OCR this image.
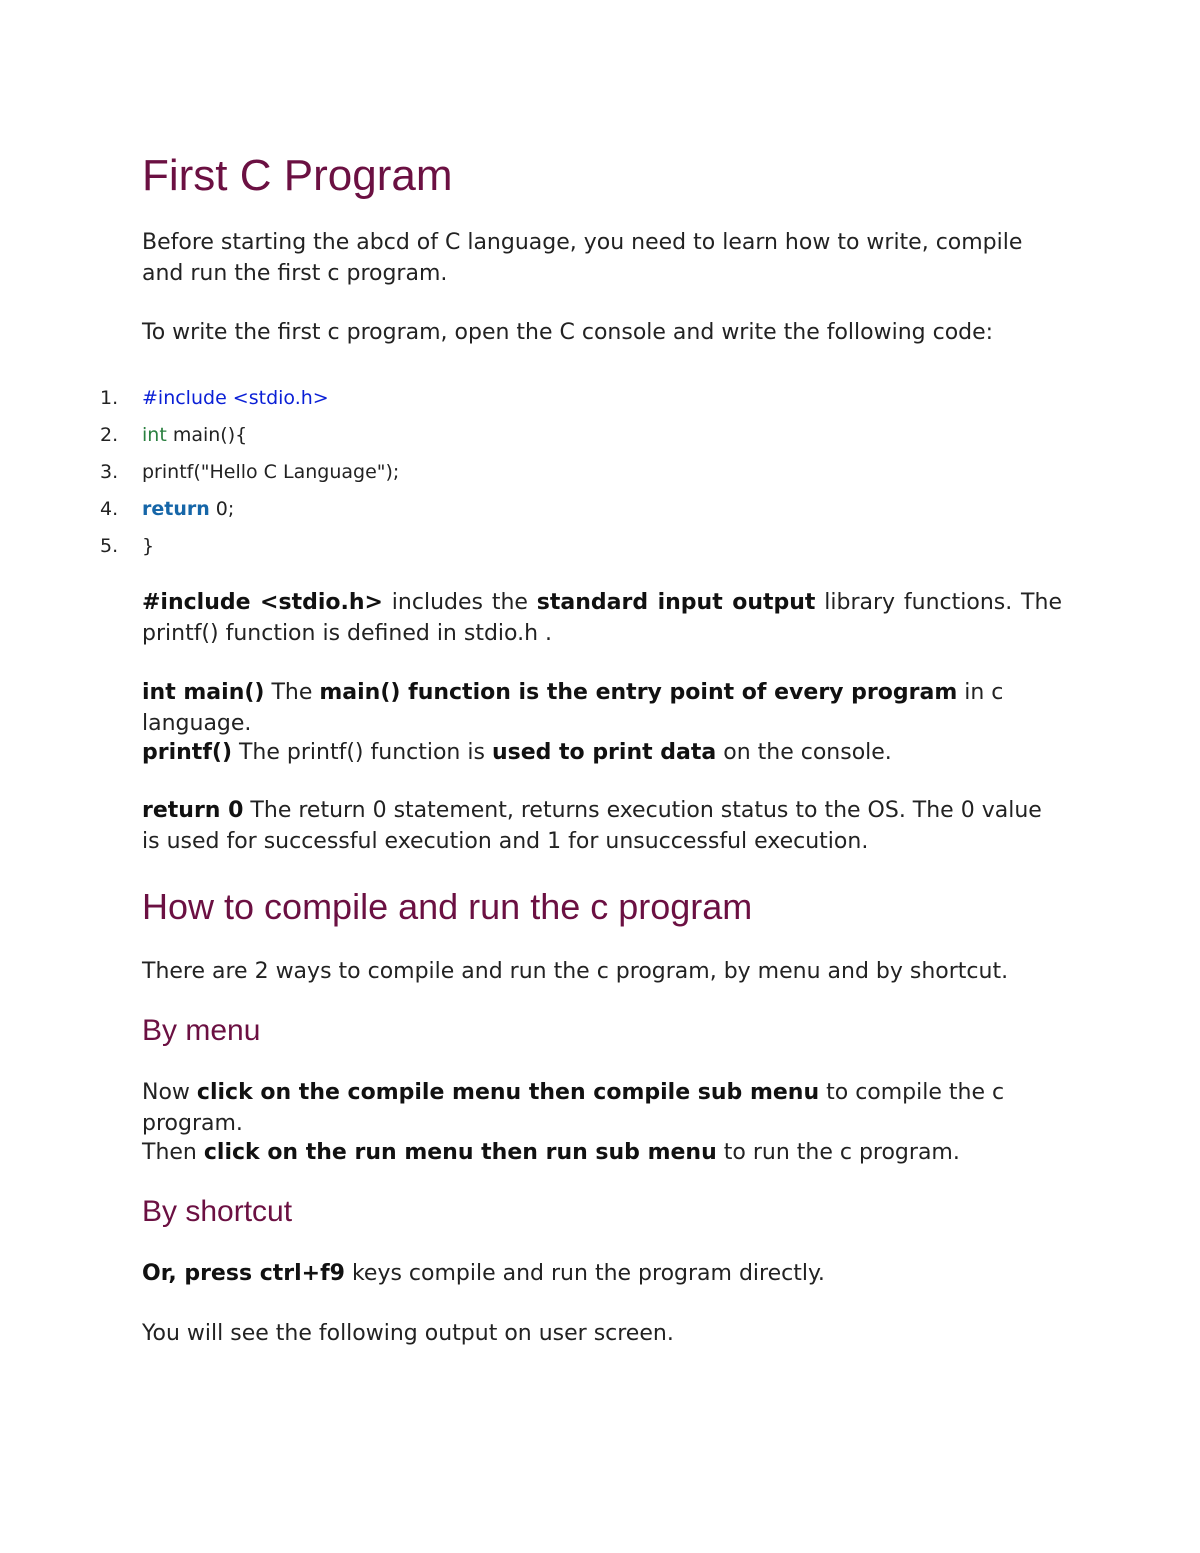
First C Program

Before starting the abcd of C language, you need to learn how to write, compile and run the first c program.

To write the first c program, open the C console and write the following code:

1.	#include <stdio.h>
2.	int main(){
3.	printf("Hello C Language");
4.	return 0;
5.	}

#include <stdio.h> includes the standard input output library functions. The printf() function is defined in stdio.h .

int main() The main() function is the entry point of every program in c language.

printf() The printf() function is used to print data on the console.

return 0 The return 0 statement, returns execution status to the OS. The 0 value is used for successful execution and 1 for unsuccessful execution.

How to compile and run the c program

There are 2 ways to compile and run the c program, by menu and by shortcut.

By menu

Now click on the compile menu then compile sub menu to compile the c program.

Then click on the run menu then run sub menu to run the c program.

By shortcut

Or, press ctrl+f9 keys compile and run the program directly.

You will see the following output on user screen.
